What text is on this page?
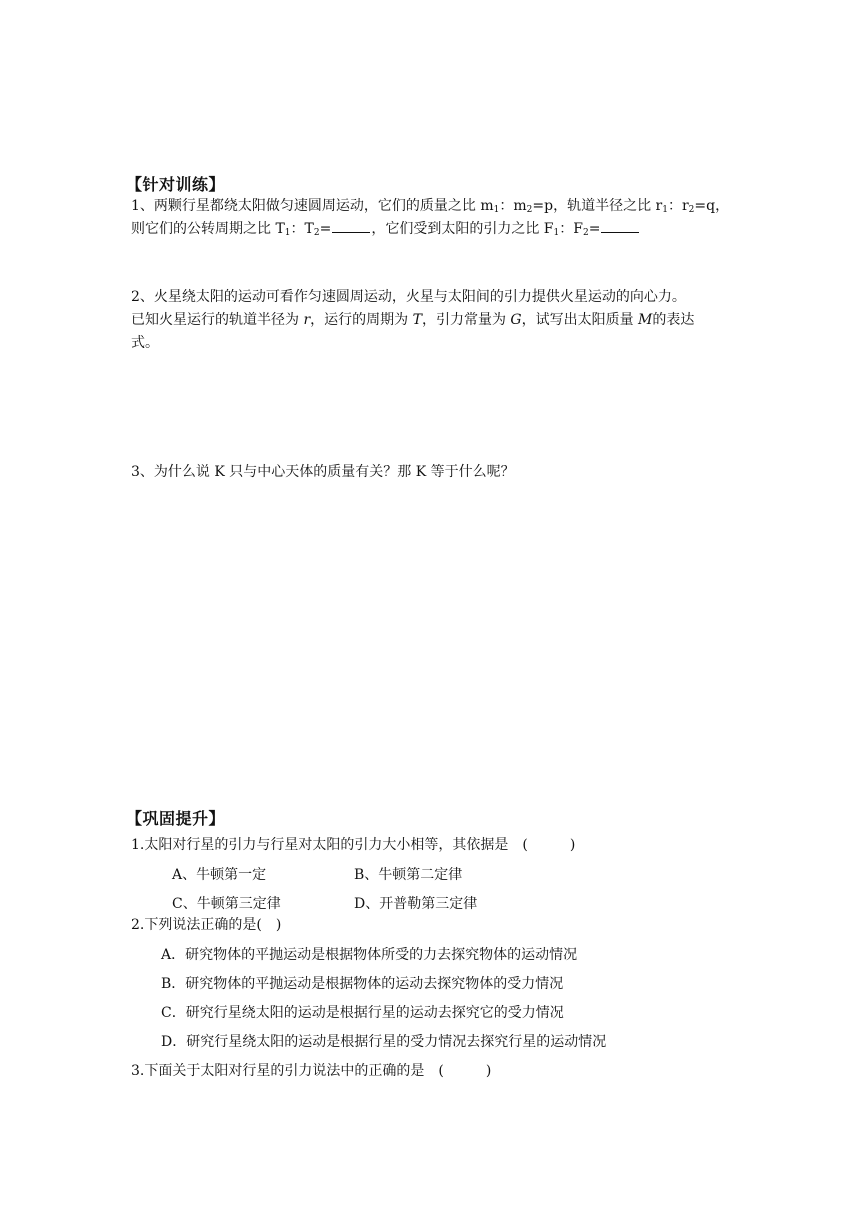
【针对训练】
1、两颗行星都绕太阳做匀速圆周运动，它们的质量之比 $m_1$：$m_2=p$，轨道半径之比 $r_1$：$r_2=q$，
则它们的公转周期之比 $T_1$：$T_2=$	，它们受到太阳的引力之比 $F_1$：$F_2=$
2、火星绕太阳的运动可看作匀速圆周运动，火星与太阳间的引力提供火星运动的向心力。
已知火星运行的轨道半径为 r，运行的周期为 T，引力常量为 G，试写出太阳质量 M的表达
式。
3、为什么说 K 只与中心天体的质量有关？那 K 等于什么呢？
【巩固提升】
1.太阳对行星的引力与行星对太阳的引力大小相等，其依据是　(　　　)
A、牛顿第一定	B、牛顿第二定律
C、牛顿第三定律	D、开普勒第三定律
2.下列说法正确的是(　)
A．研究物体的平抛运动是根据物体所受的力去探究物体的运动情况
B．研究物体的平抛运动是根据物体的运动去探究物体的受力情况
C．研究行星绕太阳的运动是根据行星的运动去探究它的受力情况
D．研究行星绕太阳的运动是根据行星的受力情况去探究行星的运动情况
3.下面关于太阳对行星的引力说法中的正确的是　(　　　)
